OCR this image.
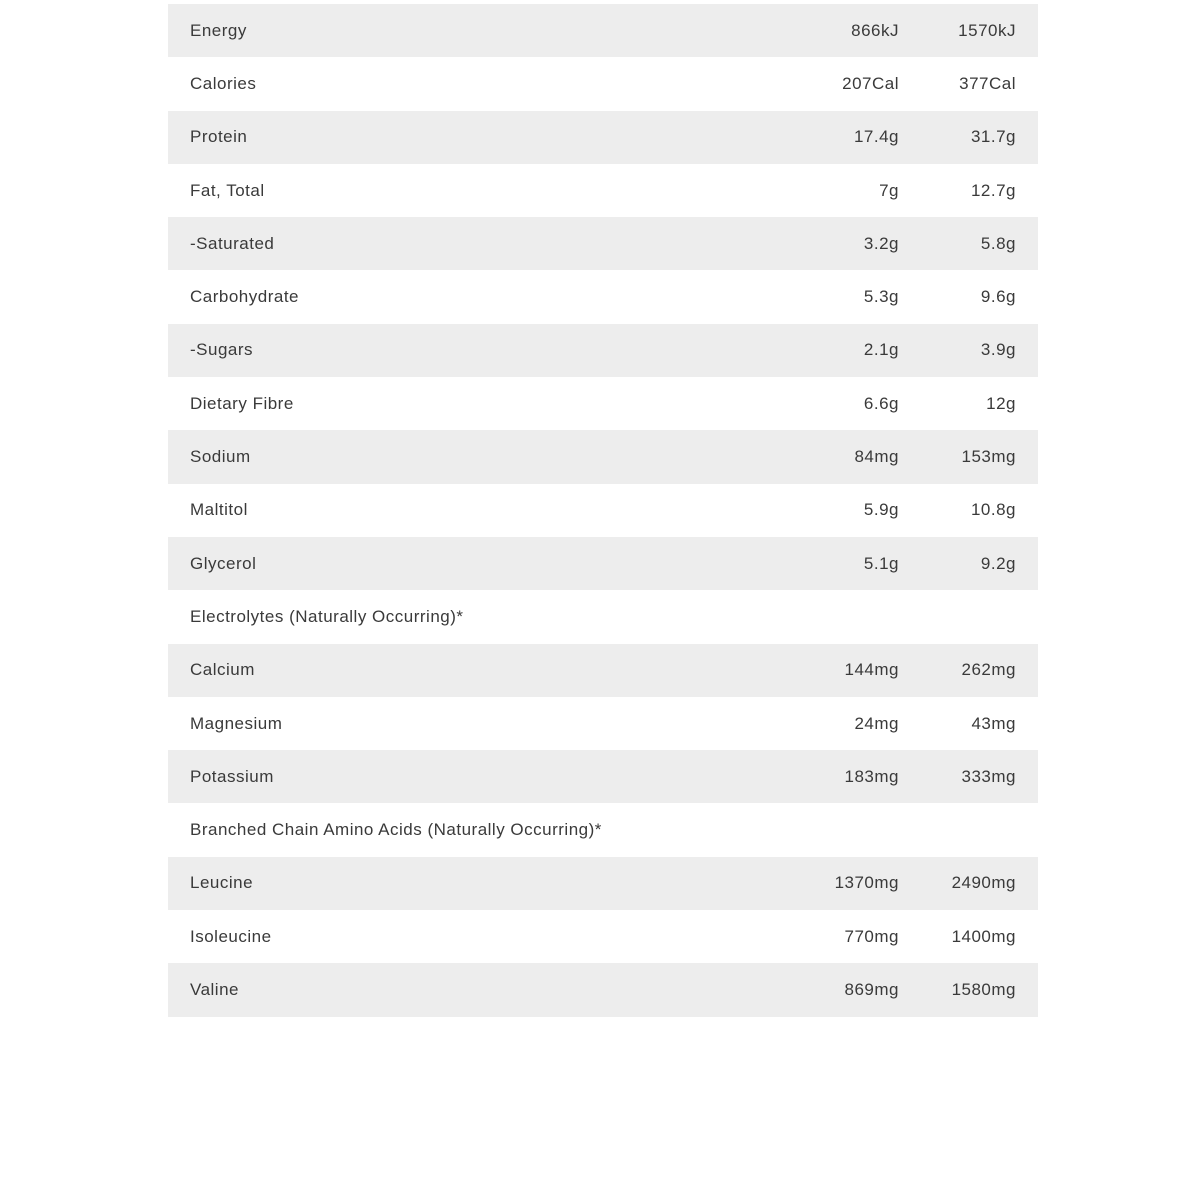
Energy	866kJ	1570kJ
Calories	207Cal	377Cal
Protein	17.4g	31.7g
Fat, Total	7g	12.7g
-Saturated	3.2g	5.8g
Carbohydrate	5.3g	9.6g
-Sugars	2.1g	3.9g
Dietary Fibre	6.6g	12g
Sodium	84mg	153mg
Maltitol	5.9g	10.8g
Glycerol	5.1g	9.2g
Electrolytes (Naturally Occurring)*
Calcium	144mg	262mg
Magnesium	24mg	43mg
Potassium	183mg	333mg
Branched Chain Amino Acids (Naturally Occurring)*
Leucine	1370mg	2490mg
Isoleucine	770mg	1400mg
Valine	869mg	1580mg
